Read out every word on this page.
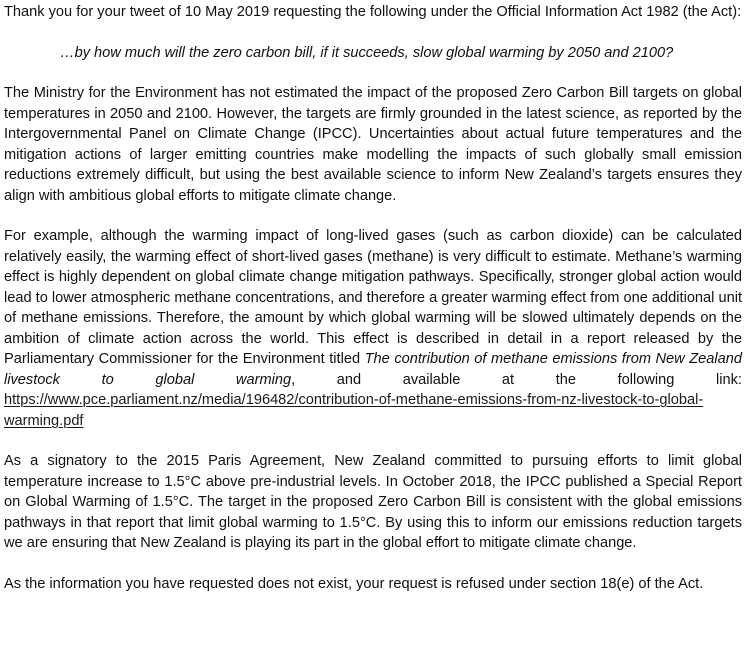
Thank you for your tweet of 10 May 2019 requesting the following under the Official Information Act 1982 (the Act):

…by how much will the zero carbon bill, if it succeeds, slow global warming by 2050 and 2100?

The Ministry for the Environment has not estimated the impact of the proposed Zero Carbon Bill targets on global temperatures in 2050 and 2100. However, the targets are firmly grounded in the latest science, as reported by the Intergovernmental Panel on Climate Change (IPCC). Uncertainties about actual future temperatures and the mitigation actions of larger emitting countries make modelling the impacts of such globally small emission reductions extremely difficult, but using the best available science to inform New Zealand’s targets ensures they align with ambitious global efforts to mitigate climate change.

For example, although the warming impact of long-lived gases (such as carbon dioxide) can be calculated relatively easily, the warming effect of short-lived gases (methane) is very difficult to estimate. Methane’s warming effect is highly dependent on global climate change mitigation pathways. Specifically, stronger global action would lead to lower atmospheric methane concentrations, and therefore a greater warming effect from one additional unit of methane emissions. Therefore, the amount by which global warming will be slowed ultimately depends on the ambition of climate action across the world. This effect is described in detail in a report released by the Parliamentary Commissioner for the Environment titled The contribution of methane emissions from New Zealand livestock to global warming, and available at the following link: https://www.pce.parliament.nz/media/196482/contribution-of-methane-emissions-from-nz-livestock-to-global-warming.pdf

As a signatory to the 2015 Paris Agreement, New Zealand committed to pursuing efforts to limit global temperature increase to 1.5°C above pre-industrial levels. In October 2018, the IPCC published a Special Report on Global Warming of 1.5°C. The target in the proposed Zero Carbon Bill is consistent with the global emissions pathways in that report that limit global warming to 1.5°C. By using this to inform our emissions reduction targets we are ensuring that New Zealand is playing its part in the global effort to mitigate climate change.

As the information you have requested does not exist, your request is refused under section 18(e) of the Act.
